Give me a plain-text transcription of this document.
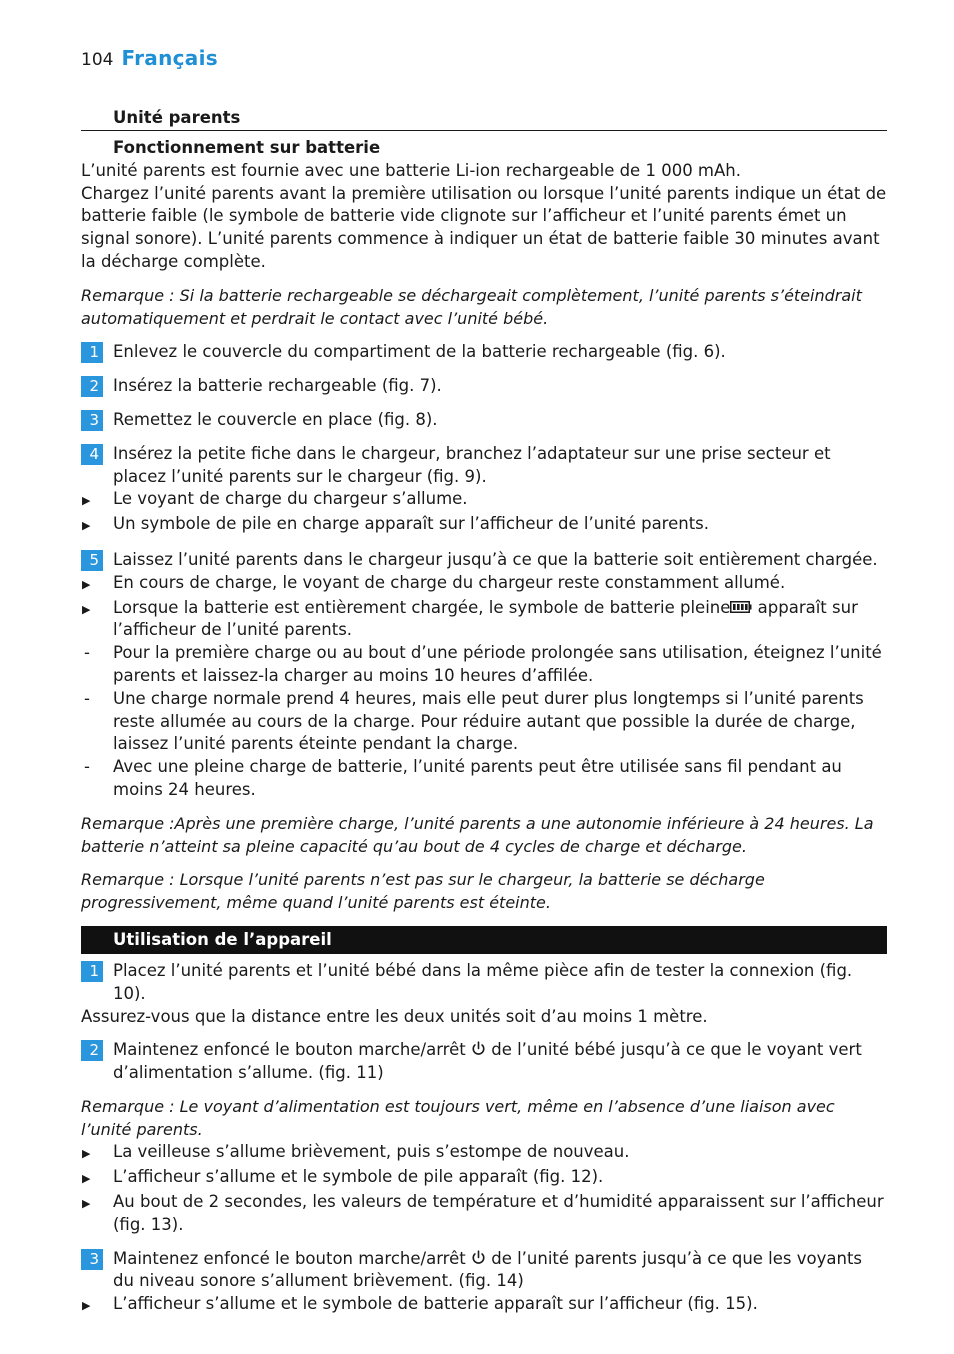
104 Français
Unité parents
Fonctionnement sur batterie
L’unité parents est fournie avec une batterie Li-ion rechargeable de 1 000 mAh.
Chargez l’unité parents avant la première utilisation ou lorsque l’unité parents indique un état de batterie faible (le symbole de batterie vide clignote sur l’afficheur et l’unité parents émet un signal sonore). L’unité parents commence à indiquer un état de batterie faible 30 minutes avant la décharge complète.
Remarque : Si la batterie rechargeable se déchargeait complètement, l’unité parents s’éteindrait automatiquement et perdrait le contact avec l’unité bébé.
1 Enlevez le couvercle du compartiment de la batterie rechargeable (fig. 6).
2 Insérez la batterie rechargeable (fig. 7).
3 Remettez le couvercle en place (fig. 8).
4 Insérez la petite fiche dans le chargeur, branchez l’adaptateur sur une prise secteur et placez l’unité parents sur le chargeur (fig. 9).
▶	Le voyant de charge du chargeur s’allume.
▶	Un symbole de pile en charge apparaît sur l’afficheur de l’unité parents.
5 Laissez l’unité parents dans le chargeur jusqu’à ce que la batterie soit entièrement chargée.
▶	En cours de charge, le voyant de charge du chargeur reste constamment allumé.
▶	Lorsque la batterie est entièrement chargée, le symbole de batterie pleine apparaît sur l’afficheur de l’unité parents.
-	Pour la première charge ou au bout d’une période prolongée sans utilisation, éteignez l’unité parents et laissez-la charger au moins 10 heures d’affilée.
-	Une charge normale prend 4 heures, mais elle peut durer plus longtemps si l’unité parents reste allumée au cours de la charge. Pour réduire autant que possible la durée de charge, laissez l’unité parents éteinte pendant la charge.
-	Avec une pleine charge de batterie, l’unité parents peut être utilisée sans fil pendant au moins 24 heures.
Remarque :Après une première charge, l’unité parents a une autonomie inférieure à 24 heures. La batterie n’atteint sa pleine capacité qu’au bout de 4 cycles de charge et décharge.
Remarque : Lorsque l’unité parents n’est pas sur le chargeur, la batterie se décharge progressivement, même quand l’unité parents est éteinte.
Utilisation de l’appareil
1 Placez l’unité parents et l’unité bébé dans la même pièce afin de tester la connexion (fig. 10).
Assurez-vous que la distance entre les deux unités soit d’au moins 1 mètre.
2 Maintenez enfoncé le bouton marche/arrêt  de l’unité bébé jusqu’à ce que le voyant vert d’alimentation s’allume. (fig. 11)
Remarque : Le voyant d’alimentation est toujours vert, même en l’absence d’une liaison avec l’unité parents.
▶	La veilleuse s’allume brièvement, puis s’estompe de nouveau.
▶	L’afficheur s’allume et le symbole de pile apparaît (fig. 12).
▶	Au bout de 2 secondes, les valeurs de température et d’humidité apparaissent sur l’afficheur (fig. 13).
3 Maintenez enfoncé le bouton marche/arrêt  de l’unité parents jusqu’à ce que les voyants du niveau sonore s’allument brièvement. (fig. 14)
▶	L’afficheur s’allume et le symbole de batterie apparaît sur l’afficheur (fig. 15).
